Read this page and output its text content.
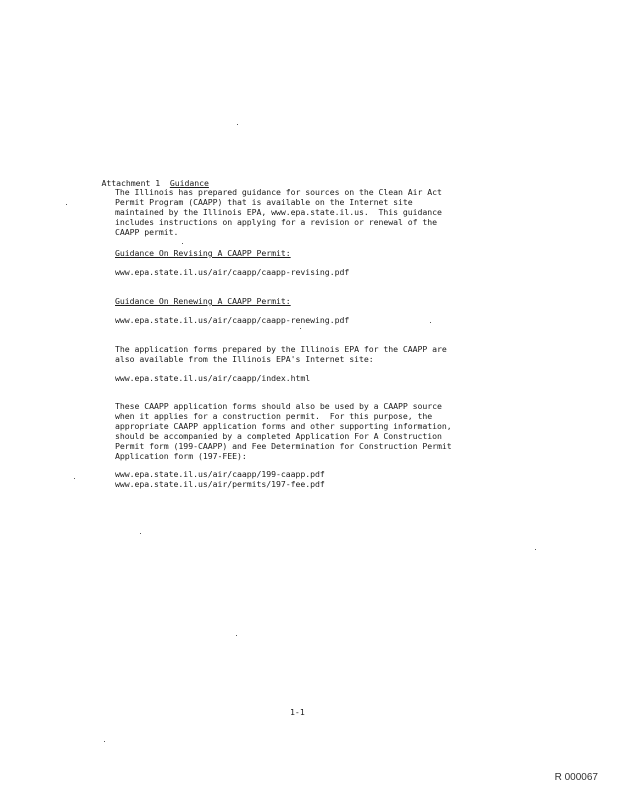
Attachment 1 Guidance

The Illinois has prepared guidance for sources on the Clean Air Act
Permit Program (CAAPP) that is available on the Internet site
maintained by the Illinois EPA, www.epa.state.il.us.  This guidance
includes instructions on applying for a revision or renewal of the
CAAPP permit.
Guidance On Revising A CAAPP Permit:
www.epa.state.il.us/air/caapp/caapp-revising.pdf
Guidance On Renewing A CAAPP Permit:
www.epa.state.il.us/air/caapp/caapp-renewing.pdf
The application forms prepared by the Illinois EPA for the CAAPP are
also available from the Illinois EPA's Internet site:
www.epa.state.il.us/air/caapp/index.html
These CAAPP application forms should also be used by a CAAPP source
when it applies for a construction permit.  For this purpose, the
appropriate CAAPP application forms and other supporting information,
should be accompanied by a completed Application For A Construction
Permit form (199-CAAPP) and Fee Determination for Construction Permit
Application form (197-FEE):
www.epa.state.il.us/air/caapp/199-caapp.pdf
www.epa.state.il.us/air/permits/197-fee.pdf
1-1
R 000067
